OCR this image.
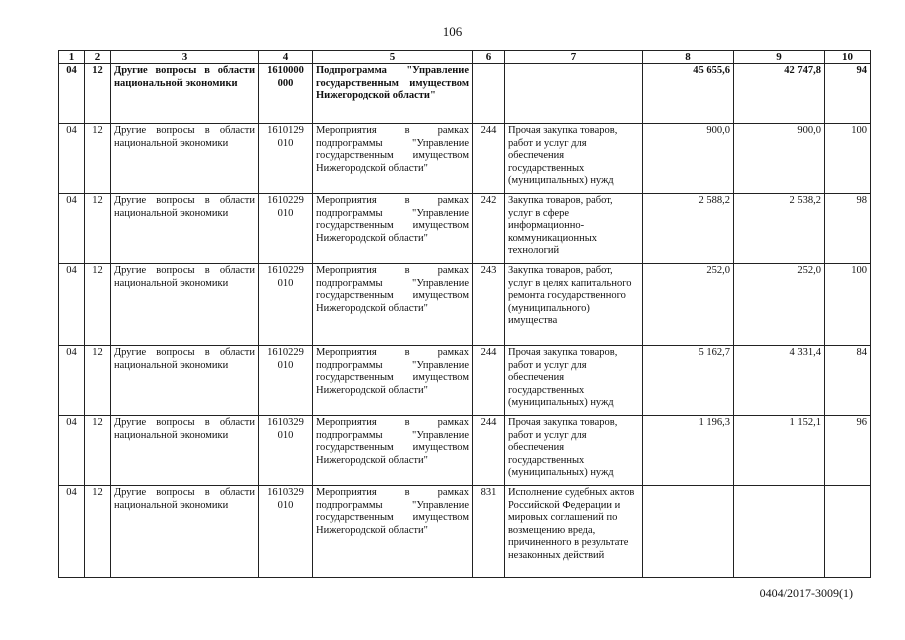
106
1	2	3	4	5	6	7	8	9	10
04	12	Другие вопросы в области национальной экономики	1610000 000	Подпрограмма "Управление государственным имуществом Нижегородской области"			45 655,6	42 747,8	94
04	12	Другие вопросы в области национальной экономики	1610129 010	Мероприятия в рамках подпрограммы "Управление государственным имуществом Нижегородской области"	244	Прочая закупка товаров, работ и услуг для обеспечения государственных (муниципальных) нужд	900,0	900,0	100
04	12	Другие вопросы в области национальной экономики	1610229 010	Мероприятия в рамках подпрограммы "Управление государственным имуществом Нижегородской области"	242	Закупка товаров, работ, услуг в сфере информационно-коммуникационных технологий	2 588,2	2 538,2	98
04	12	Другие вопросы в области национальной экономики	1610229 010	Мероприятия в рамках подпрограммы "Управление государственным имуществом Нижегородской области"	243	Закупка товаров, работ, услуг в целях капитального ремонта государственного (муниципального) имущества	252,0	252,0	100
04	12	Другие вопросы в области национальной экономики	1610229 010	Мероприятия в рамках подпрограммы "Управление государственным имуществом Нижегородской области"	244	Прочая закупка товаров, работ и услуг для обеспечения государственных (муниципальных) нужд	5 162,7	4 331,4	84
04	12	Другие вопросы в области национальной экономики	1610329 010	Мероприятия в рамках подпрограммы "Управление государственным имуществом Нижегородской области"	244	Прочая закупка товаров, работ и услуг для обеспечения государственных (муниципальных) нужд	1 196,3	1 152,1	96
04	12	Другие вопросы в области национальной экономики	1610329 010	Мероприятия в рамках подпрограммы "Управление государственным имуществом Нижегородской области"	831	Исполнение судебных актов Российской Федерации и мировых соглашений по возмещению вреда, причиненного в результате незаконных действий			
0404/2017-3009(1)
